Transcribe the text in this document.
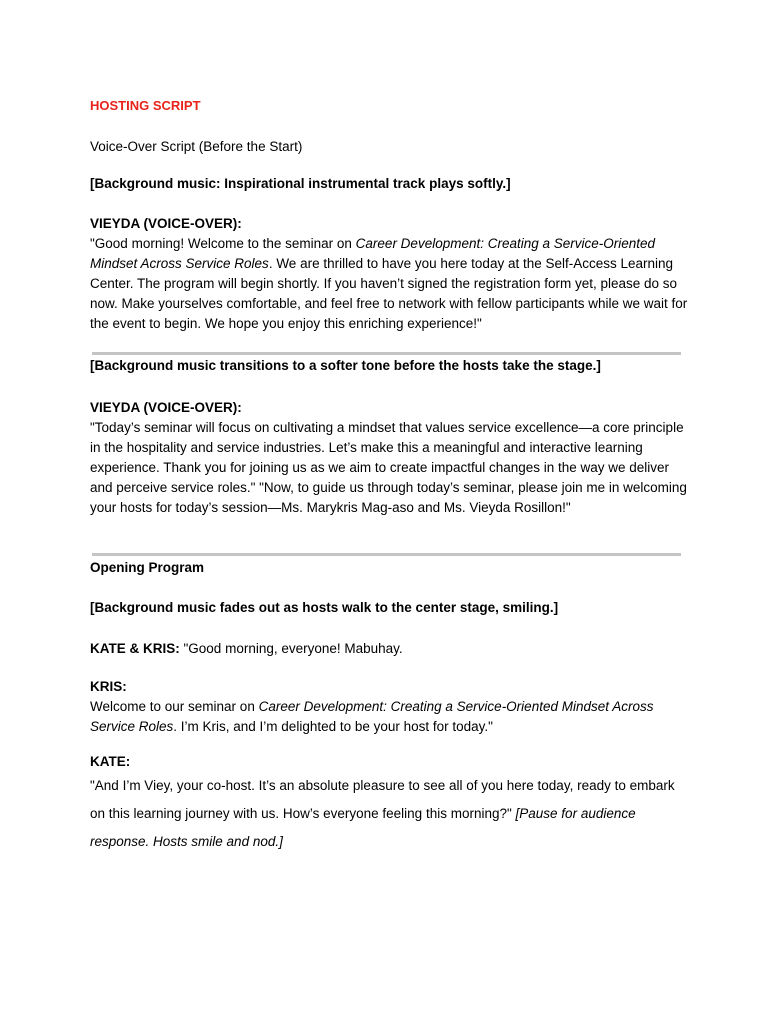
HOSTING SCRIPT
Voice-Over Script (Before the Start)
[Background music: Inspirational instrumental track plays softly.]
VIEYDA (VOICE-OVER):
"Good morning! Welcome to the seminar on Career Development: Creating a Service-Oriented Mindset Across Service Roles. We are thrilled to have you here today at the Self-Access Learning Center. The program will begin shortly. If you haven’t signed the registration form yet, please do so now. Make yourselves comfortable, and feel free to network with fellow participants while we wait for the event to begin. We hope you enjoy this enriching experience!"
[Background music transitions to a softer tone before the hosts take the stage.]
VIEYDA (VOICE-OVER):
"Today’s seminar will focus on cultivating a mindset that values service excellence—a core principle in the hospitality and service industries. Let’s make this a meaningful and interactive learning experience. Thank you for joining us as we aim to create impactful changes in the way we deliver and perceive service roles." "Now, to guide us through today’s seminar, please join me in welcoming your hosts for today’s session—Ms. Marykris Mag-aso and Ms. Vieyda Rosillon!"
Opening Program
[Background music fades out as hosts walk to the center stage, smiling.]
KATE & KRIS: "Good morning, everyone! Mabuhay.
KRIS:
Welcome to our seminar on Career Development: Creating a Service-Oriented Mindset Across Service Roles. I’m Kris, and I’m delighted to be your host for today."
KATE:
"And I’m Viey, your co-host. It’s an absolute pleasure to see all of you here today, ready to embark on this learning journey with us. How’s everyone feeling this morning?" [Pause for audience response. Hosts smile and nod.]
